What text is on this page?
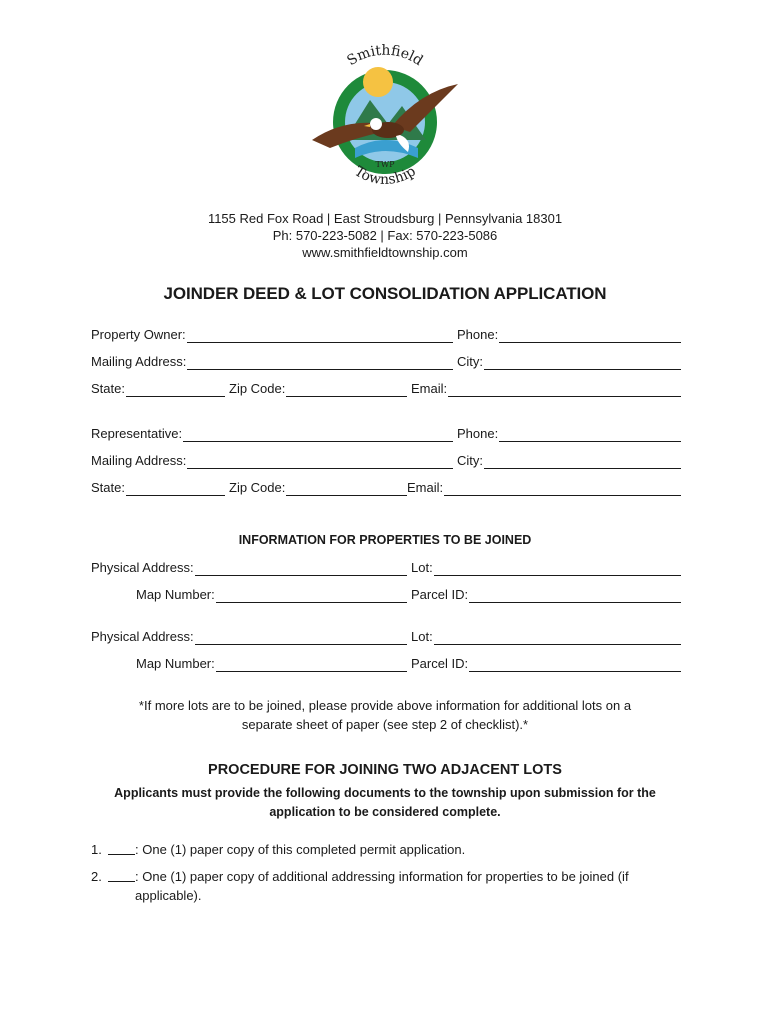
Smithfield
Township
TWP
1155 Red Fox Road | East Stroudsburg | Pennsylvania 18301
Ph: 570-223-5082 | Fax: 570-223-5086
www.smithfieldtownship.com
JOINDER DEED & LOT CONSOLIDATION APPLICATION
Property Owner:	Phone:
Mailing Address:	City:
State:	Zip Code:	Email:
Representative:	Phone:
Mailing Address:	City:
State:	Zip Code:	Email:
INFORMATION FOR PROPERTIES TO BE JOINED
Physical Address:	Lot:
Map Number:	Parcel ID:
Physical Address:	Lot:
Map Number:	Parcel ID:
*If more lots are to be joined, please provide above information for additional lots on a
separate sheet of paper (see step 2 of checklist).*
PROCEDURE FOR JOINING TWO ADJACENT LOTS
Applicants must provide the following documents to the township upon submission for the
application to be considered complete.
1.	: One (1) paper copy of this completed permit application.
2.	: One (1) paper copy of additional addressing information for properties to be joined (if
applicable).
